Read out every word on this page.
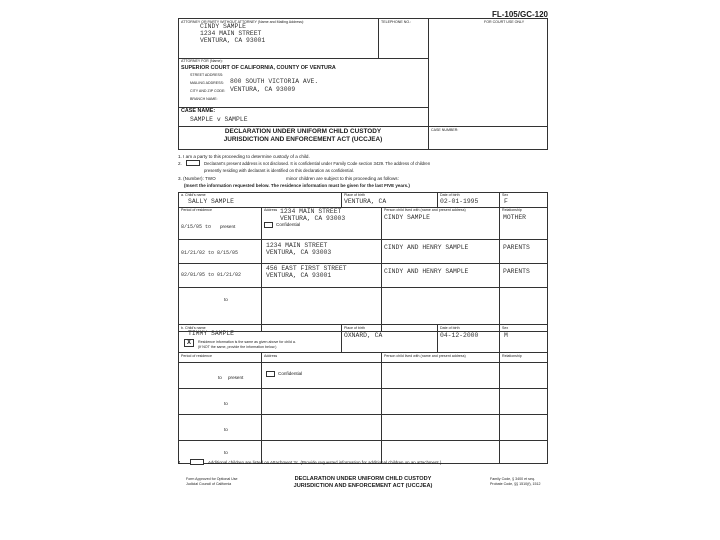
FL-105/GC-120
ATTORNEY OR PARTY WITHOUT ATTORNEY (Name and Mailing Address):	TELEPHONE NO.:	FOR COURT USE ONLY
CINDY SAMPLE
1234 MAIN STREET
VENTURA, CA 93001
ATTORNEY FOR (Name):
SUPERIOR COURT OF CALIFORNIA, COUNTY OF VENTURA
STREET ADDRESS:
MAILING ADDRESS: 800 SOUTH VICTORIA AVE.
CITY AND ZIP CODE: VENTURA, CA 93009
BRANCH NAME:
CASE NAME:
SAMPLE v SAMPLE
DECLARATION UNDER UNIFORM CHILD CUSTODY
JURISDICTION AND ENFORCEMENT ACT (UCCJEA)
CASE NUMBER:
1. I am a party to this proceeding to determine custody of a child.
2.	Declarant's present address is not disclosed. It is confidential under Family Code section 3429. The address of children
presently residing with declarant is identified on this declaration as confidential.
3. (Number): TWO	minor children are subject to this proceeding as follows:
(Insert the information requested below. The residence information must be given for the last FIVE years.)
a. Child's name	Place of birth	Date of birth	Sex
SALLY SAMPLE	VENTURA, CA	02-01-1995	F
Period of residence	Address	Person child lived with (name and present address)	Relationship
8/15/05 to present
1234 MAIN STREET
VENTURA, CA 93003
Confidential
CINDY SAMPLE	MOTHER
01/21/02 to 8/15/05
1234 MAIN STREET
VENTURA, CA 93003
CINDY AND HENRY SAMPLE	PARENTS
02/01/95 to 01/21/02
456 EAST FIRST STREET
VENTURA, CA 93001
CINDY AND HENRY SAMPLE	PARENTS
to
b. Child's name	Place of birth	Date of birth	Sex
TIMMY SAMPLE	OXNARD, CA	04-12-2000	M
X	Residence information is the same as given above for child a.
(If NOT the same, provide the information below.)
Period of residence	Address	Person child lived with (name and present address)	Relationship
to present
Confidential
to
to
to
4.	Additional children are listed on Attachment 3c. (Provide requested information for additional children on an attachment.)
Form Approved for Optional Use
Judicial Council of California
DECLARATION UNDER UNIFORM CHILD CUSTODY
JURISDICTION AND ENFORCEMENT ACT (UCCJEA)
Family Code, § 3400 et seq.
Probate Code, §§ 1510(f), 1512
